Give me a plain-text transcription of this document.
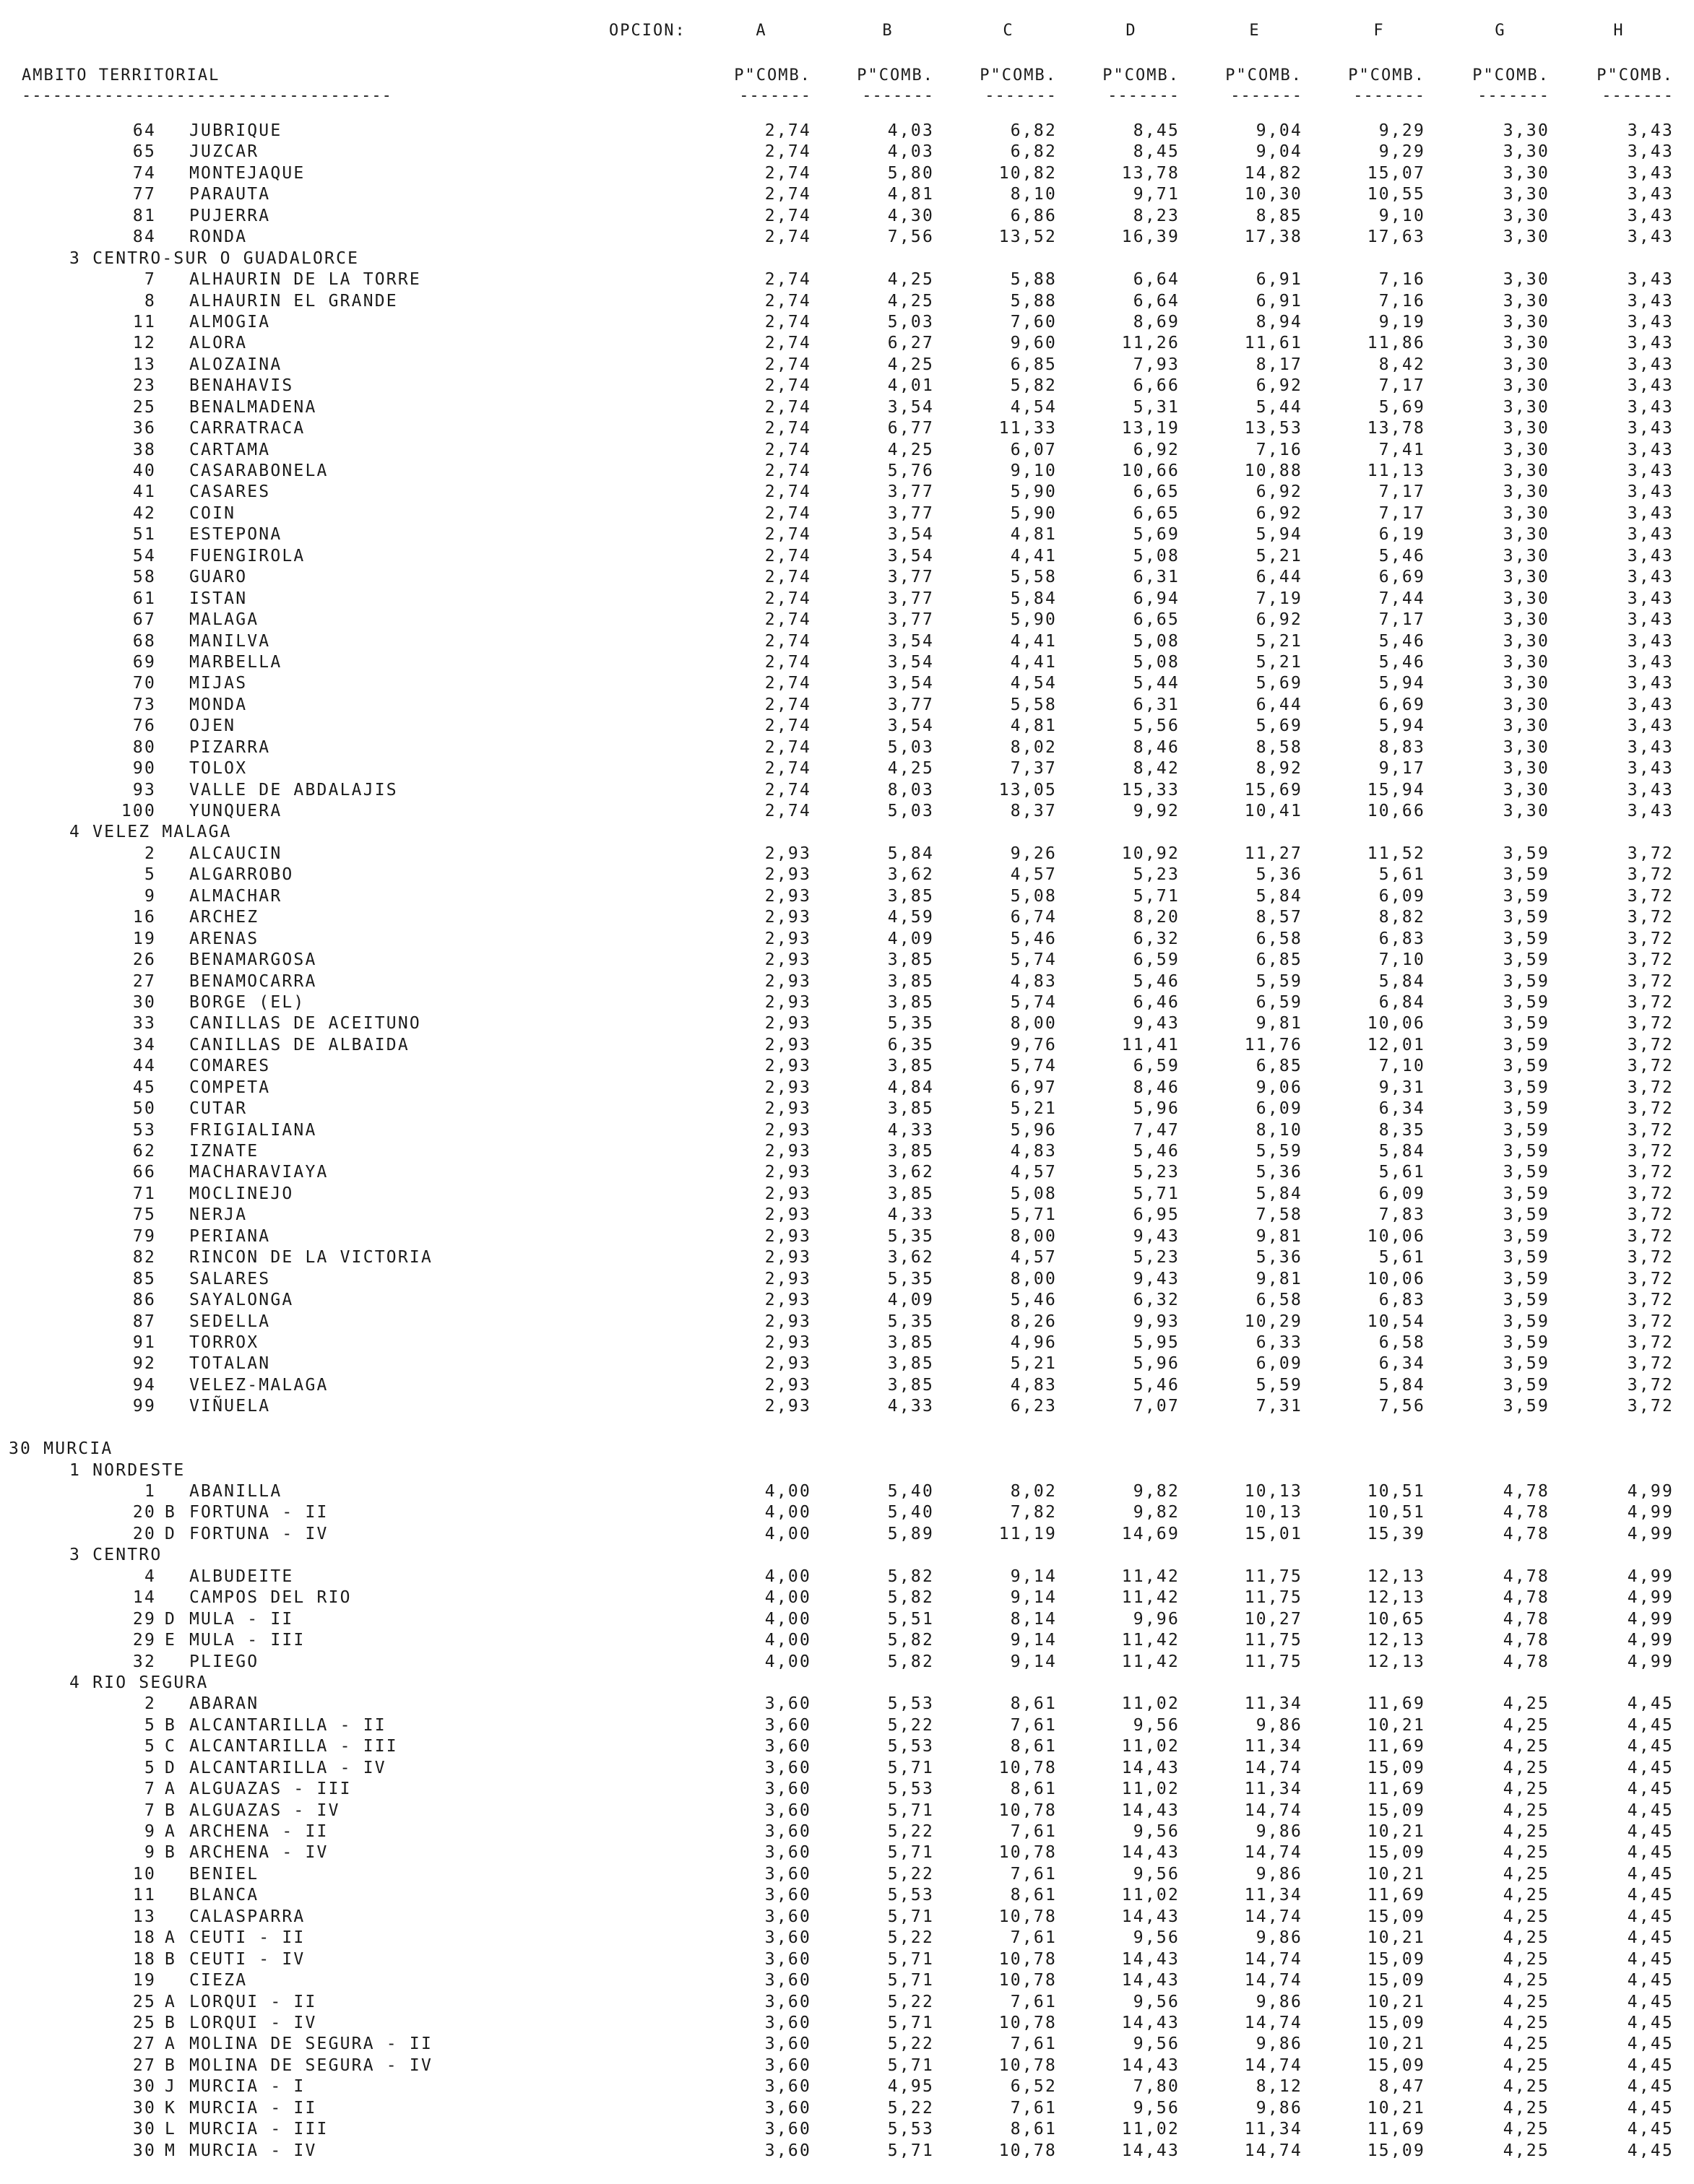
OPCION:	A	B	C	D	E	F	G	H
AMBITO TERRITORIAL
------------------------------------
P"COMB.	P"COMB.	P"COMB.	P"COMB.	P"COMB.	P"COMB.	P"COMB.	P"COMB.
-------	-------	-------	-------	-------	-------	-------	-------
64 JUBRIQUE	2,74	4,03	6,82	8,45	9,04	9,29	3,30	3,43
65 JUZCAR	2,74	4,03	6,82	8,45	9,04	9,29	3,30	3,43
74 MONTEJAQUE	2,74	5,80	10,82	13,78	14,82	15,07	3,30	3,43
77 PARAUTA	2,74	4,81	8,10	9,71	10,30	10,55	3,30	3,43
81 PUJERRA	2,74	4,30	6,86	8,23	8,85	9,10	3,30	3,43
84 RONDA	2,74	7,56	13,52	16,39	17,38	17,63	3,30	3,43
3 CENTRO-SUR O GUADALORCE
7 ALHAURIN DE LA TORRE	2,74	4,25	5,88	6,64	6,91	7,16	3,30	3,43
8 ALHAURIN EL GRANDE	2,74	4,25	5,88	6,64	6,91	7,16	3,30	3,43
11 ALMOGIA	2,74	5,03	7,60	8,69	8,94	9,19	3,30	3,43
12 ALORA	2,74	6,27	9,60	11,26	11,61	11,86	3,30	3,43
13 ALOZAINA	2,74	4,25	6,85	7,93	8,17	8,42	3,30	3,43
23 BENAHAVIS	2,74	4,01	5,82	6,66	6,92	7,17	3,30	3,43
25 BENALMADENA	2,74	3,54	4,54	5,31	5,44	5,69	3,30	3,43
36 CARRATRACA	2,74	6,77	11,33	13,19	13,53	13,78	3,30	3,43
38 CARTAMA	2,74	4,25	6,07	6,92	7,16	7,41	3,30	3,43
40 CASARABONELA	2,74	5,76	9,10	10,66	10,88	11,13	3,30	3,43
41 CASARES	2,74	3,77	5,90	6,65	6,92	7,17	3,30	3,43
42 COIN	2,74	3,77	5,90	6,65	6,92	7,17	3,30	3,43
51 ESTEPONA	2,74	3,54	4,81	5,69	5,94	6,19	3,30	3,43
54 FUENGIROLA	2,74	3,54	4,41	5,08	5,21	5,46	3,30	3,43
58 GUARO	2,74	3,77	5,58	6,31	6,44	6,69	3,30	3,43
61 ISTAN	2,74	3,77	5,84	6,94	7,19	7,44	3,30	3,43
67 MALAGA	2,74	3,77	5,90	6,65	6,92	7,17	3,30	3,43
68 MANILVA	2,74	3,54	4,41	5,08	5,21	5,46	3,30	3,43
69 MARBELLA	2,74	3,54	4,41	5,08	5,21	5,46	3,30	3,43
70 MIJAS	2,74	3,54	4,54	5,44	5,69	5,94	3,30	3,43
73 MONDA	2,74	3,77	5,58	6,31	6,44	6,69	3,30	3,43
76 OJEN	2,74	3,54	4,81	5,56	5,69	5,94	3,30	3,43
80 PIZARRA	2,74	5,03	8,02	8,46	8,58	8,83	3,30	3,43
90 TOLOX	2,74	4,25	7,37	8,42	8,92	9,17	3,30	3,43
93 VALLE DE ABDALAJIS	2,74	8,03	13,05	15,33	15,69	15,94	3,30	3,43
100 YUNQUERA	2,74	5,03	8,37	9,92	10,41	10,66	3,30	3,43
4 VELEZ MALAGA
2 ALCAUCIN	2,93	5,84	9,26	10,92	11,27	11,52	3,59	3,72
5 ALGARROBO	2,93	3,62	4,57	5,23	5,36	5,61	3,59	3,72
9 ALMACHAR	2,93	3,85	5,08	5,71	5,84	6,09	3,59	3,72
16 ARCHEZ	2,93	4,59	6,74	8,20	8,57	8,82	3,59	3,72
19 ARENAS	2,93	4,09	5,46	6,32	6,58	6,83	3,59	3,72
26 BENAMARGOSA	2,93	3,85	5,74	6,59	6,85	7,10	3,59	3,72
27 BENAMOCARRA	2,93	3,85	4,83	5,46	5,59	5,84	3,59	3,72
30 BORGE (EL)	2,93	3,85	5,74	6,46	6,59	6,84	3,59	3,72
33 CANILLAS DE ACEITUNO	2,93	5,35	8,00	9,43	9,81	10,06	3,59	3,72
34 CANILLAS DE ALBAIDA	2,93	6,35	9,76	11,41	11,76	12,01	3,59	3,72
44 COMARES	2,93	3,85	5,74	6,59	6,85	7,10	3,59	3,72
45 COMPETA	2,93	4,84	6,97	8,46	9,06	9,31	3,59	3,72
50 CUTAR	2,93	3,85	5,21	5,96	6,09	6,34	3,59	3,72
53 FRIGIALIANA	2,93	4,33	5,96	7,47	8,10	8,35	3,59	3,72
62 IZNATE	2,93	3,85	4,83	5,46	5,59	5,84	3,59	3,72
66 MACHARAVIAYA	2,93	3,62	4,57	5,23	5,36	5,61	3,59	3,72
71 MOCLINEJO	2,93	3,85	5,08	5,71	5,84	6,09	3,59	3,72
75 NERJA	2,93	4,33	5,71	6,95	7,58	7,83	3,59	3,72
79 PERIANA	2,93	5,35	8,00	9,43	9,81	10,06	3,59	3,72
82 RINCON DE LA VICTORIA	2,93	3,62	4,57	5,23	5,36	5,61	3,59	3,72
85 SALARES	2,93	5,35	8,00	9,43	9,81	10,06	3,59	3,72
86 SAYALONGA	2,93	4,09	5,46	6,32	6,58	6,83	3,59	3,72
87 SEDELLA	2,93	5,35	8,26	9,93	10,29	10,54	3,59	3,72
91 TORROX	2,93	3,85	4,96	5,95	6,33	6,58	3,59	3,72
92 TOTALAN	2,93	3,85	5,21	5,96	6,09	6,34	3,59	3,72
94 VELEZ-MALAGA	2,93	3,85	4,83	5,46	5,59	5,84	3,59	3,72
99 VIÑUELA	2,93	4,33	6,23	7,07	7,31	7,56	3,59	3,72
30 MURCIA
1 NORDESTE
1 ABANILLA	4,00	5,40	8,02	9,82	10,13	10,51	4,78	4,99
20 B FORTUNA - II	4,00	5,40	7,82	9,82	10,13	10,51	4,78	4,99
20 D FORTUNA - IV	4,00	5,89	11,19	14,69	15,01	15,39	4,78	4,99
3 CENTRO
4 ALBUDEITE	4,00	5,82	9,14	11,42	11,75	12,13	4,78	4,99
14 CAMPOS DEL RIO	4,00	5,82	9,14	11,42	11,75	12,13	4,78	4,99
29 D MULA - II	4,00	5,51	8,14	9,96	10,27	10,65	4,78	4,99
29 E MULA - III	4,00	5,82	9,14	11,42	11,75	12,13	4,78	4,99
32 PLIEGO	4,00	5,82	9,14	11,42	11,75	12,13	4,78	4,99
4 RIO SEGURA
2 ABARAN	3,60	5,53	8,61	11,02	11,34	11,69	4,25	4,45
5 B ALCANTARILLA - II	3,60	5,22	7,61	9,56	9,86	10,21	4,25	4,45
5 C ALCANTARILLA - III	3,60	5,53	8,61	11,02	11,34	11,69	4,25	4,45
5 D ALCANTARILLA - IV	3,60	5,71	10,78	14,43	14,74	15,09	4,25	4,45
7 A ALGUAZAS - III	3,60	5,53	8,61	11,02	11,34	11,69	4,25	4,45
7 B ALGUAZAS - IV	3,60	5,71	10,78	14,43	14,74	15,09	4,25	4,45
9 A ARCHENA - II	3,60	5,22	7,61	9,56	9,86	10,21	4,25	4,45
9 B ARCHENA - IV	3,60	5,71	10,78	14,43	14,74	15,09	4,25	4,45
10 BENIEL	3,60	5,22	7,61	9,56	9,86	10,21	4,25	4,45
11 BLANCA	3,60	5,53	8,61	11,02	11,34	11,69	4,25	4,45
13 CALASPARRA	3,60	5,71	10,78	14,43	14,74	15,09	4,25	4,45
18 A CEUTI - II	3,60	5,22	7,61	9,56	9,86	10,21	4,25	4,45
18 B CEUTI - IV	3,60	5,71	10,78	14,43	14,74	15,09	4,25	4,45
19 CIEZA	3,60	5,71	10,78	14,43	14,74	15,09	4,25	4,45
25 A LORQUI - II	3,60	5,22	7,61	9,56	9,86	10,21	4,25	4,45
25 B LORQUI - IV	3,60	5,71	10,78	14,43	14,74	15,09	4,25	4,45
27 A MOLINA DE SEGURA - II	3,60	5,22	7,61	9,56	9,86	10,21	4,25	4,45
27 B MOLINA DE SEGURA - IV	3,60	5,71	10,78	14,43	14,74	15,09	4,25	4,45
30 J MURCIA - I	3,60	4,95	6,52	7,80	8,12	8,47	4,25	4,45
30 K MURCIA - II	3,60	5,22	7,61	9,56	9,86	10,21	4,25	4,45
30 L MURCIA - III	3,60	5,53	8,61	11,02	11,34	11,69	4,25	4,45
30 M MURCIA - IV	3,60	5,71	10,78	14,43	14,74	15,09	4,25	4,45
